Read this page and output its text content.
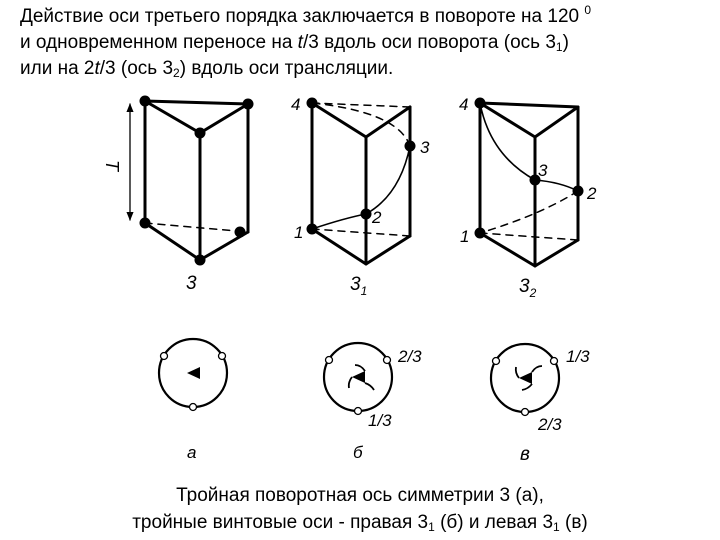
Действие оси третьего порядка заключается в повороте на 120 $^0$

и одновременном переносе на t/3 вдоль оси поворота (ось $3_1$)

или на 2t/3 (ось $3_2$) вдоль оси трансляции.

T
3
4
3
2
1
$3_1$
4
3
2
1
$3_2$
а
2/3
1/3
б
1/3
2/3
в

Тройная поворотная ось симметрии 3 (а),

тройные винтовые оси - правая $3_1$ (б) и левая $3_1$ (в)
